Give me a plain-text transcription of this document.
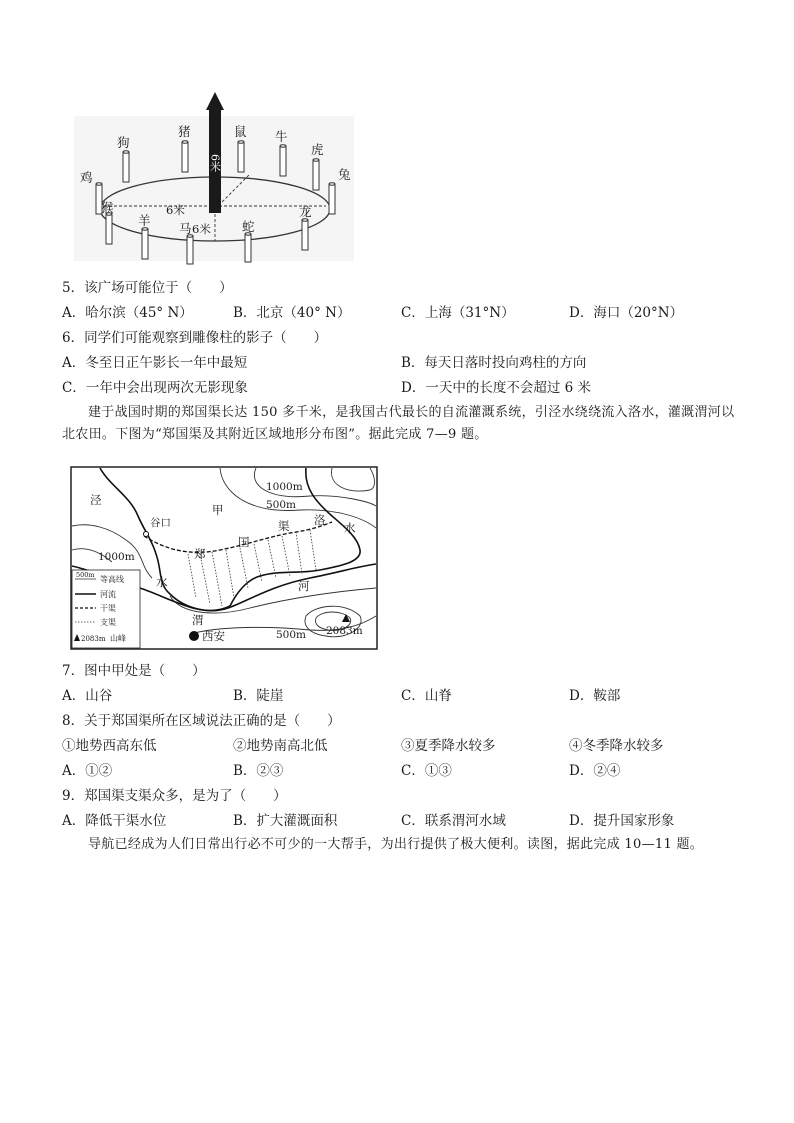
狗
猪	鼠 牛
虎
鸡	兔
猴
羊
马	蛇
龙
6米
6米
6米
5．该广场可能位于（　　）
A．哈尔滨（45° N）	B．北京（40° N）	C．上海（31°N）	D．海口（20°N）
6．同学们可能观察到雕像柱的影子（　　）
A．冬至日正午影长一年中最短	B．每天日落时投向鸡柱的方向
C．一年中会出现两次无影现象	D．一天中的长度不会超过 6 米
建于战国时期的郑国渠长达 150 多千米，是我国古代最长的自流灌溉系统，引泾水绕绕流入洛水，灌溉渭河以北农田。下图为“郑国渠及其附近区域地形分布图”。据此完成 7—9 题。
1000m
500m
1000m
500m 2083m
谷口
泾
甲
渠 洛
水
郑
国
水	河
渭
西安
500m 等高线
河流
干渠
支渠
2083m 山峰
7．图中甲处是（　　）
A．山谷	B．陡崖	C．山脊	D．鞍部
8．关于郑国渠所在区域说法正确的是（　　）
①地势西高东低	②地势南高北低	③夏季降水较多	④冬季降水较多
A．①②	B．②③	C．①③	D．②④
9．郑国渠支渠众多，是为了（　　）
A．降低干渠水位	B．扩大灌溉面积	C．联系渭河水域	D．提升国家形象
导航已经成为人们日常出行必不可少的一大帮手，为出行提供了极大便利。读图，据此完成 10—11 题。
